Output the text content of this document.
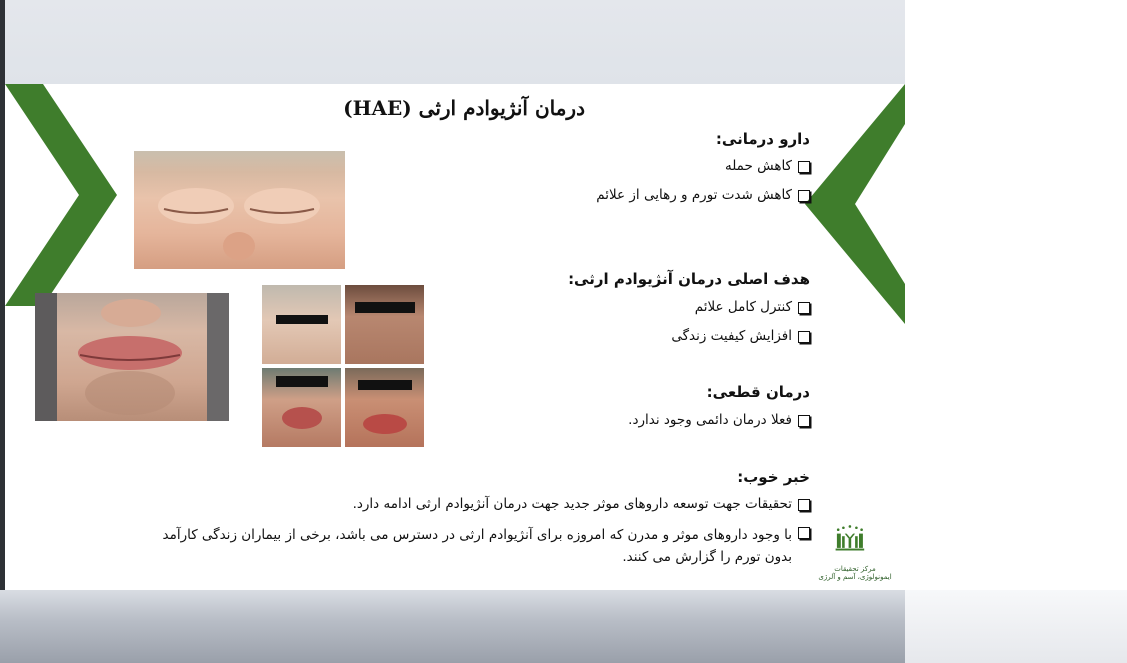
درمان آنژیوادم ارثی (HAE)
دارو درمانی:
کاهش حمله
کاهش شدت تورم و رهایی از علائم
هدف اصلی درمان آنژیوادم ارثی:
کنترل کامل علائم
افزایش کیفیت زندگی
درمان قطعی:
فعلا درمان دائمی وجود ندارد.
خبر خوب:
تحقیقات جهت توسعه داروهای موثر جدید جهت درمان آنژیوادم ارثی ادامه دارد.
با وجود داروهای موثر و مدرن که امروزه برای آنژیوادم ارثی در دسترس می باشد، برخی از بیماران زندگی کارآمد بدون تورم را گزارش می کنند.
مرکز تحقیقات ایمونولوژی، آسم و آلرژی
